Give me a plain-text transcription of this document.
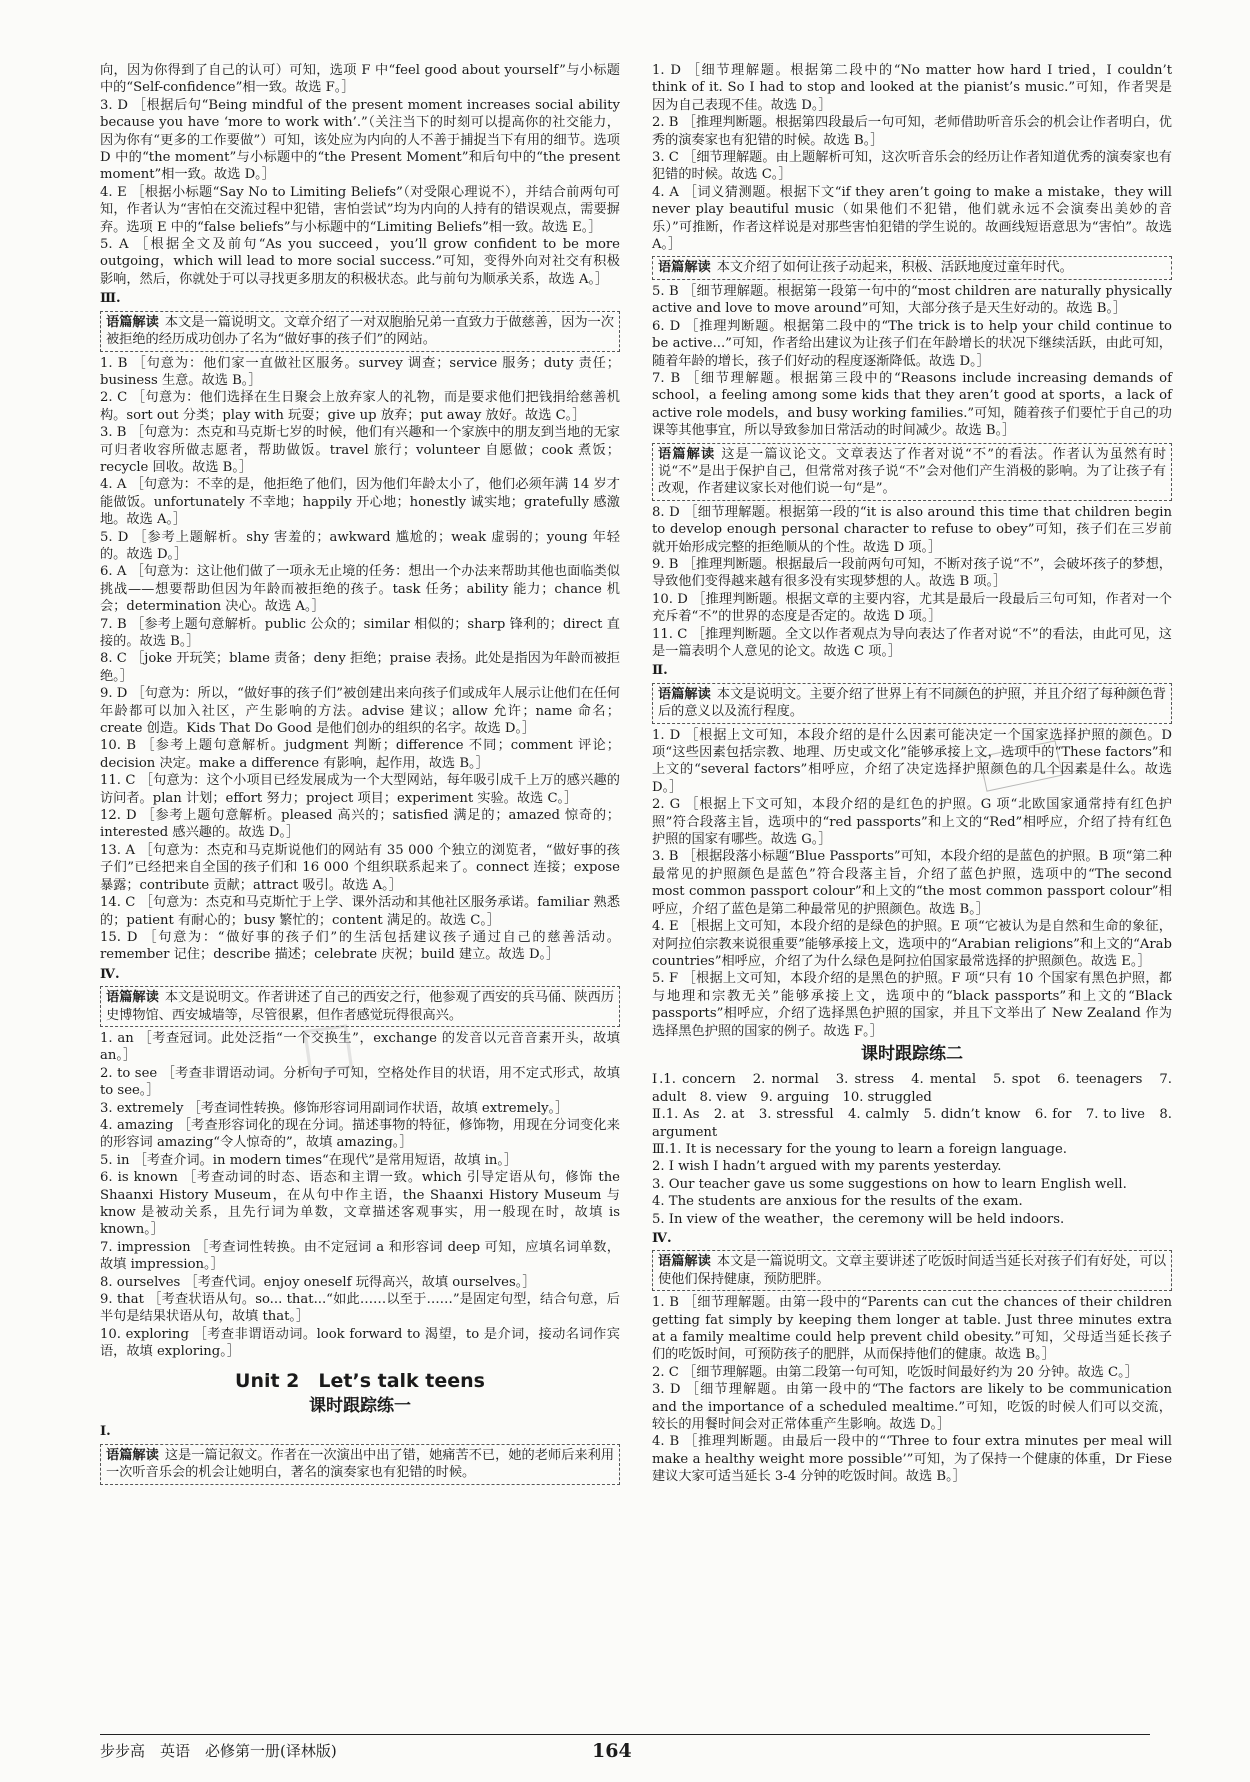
向，因为你得到了自己的认可）可知，选项 F 中“feel good about yourself”与小标题中的“Self-confidence”相一致。故选 F。］
3. D ［根据后句“Being mindful of the present moment increases social ability because you have ‘more to work with’.”（关注当下的时刻可以提高你的社交能力，因为你有“更多的工作要做”）可知，该处应为内向的人不善于捕捉当下有用的细节。选项 D 中的“the moment”与小标题中的“the Present Moment”和后句中的“the present moment”相一致。故选 D。］
4. E ［根据小标题“Say No to Limiting Beliefs”（对受限心理说不），并结合前两句可知，作者认为“害怕在交流过程中犯错，害怕尝试”均为内向的人持有的错误观点，需要摒弃。选项 E 中的“false beliefs”与小标题中的“Limiting Beliefs”相一致。故选 E。］
5. A ［根据全文及前句“As you succeed，you’ll grow confident to be more outgoing，which will lead to more social success.”可知，变得外向对社交有积极影响，然后，你就处于可以寻找更多朋友的积极状态。此与前句为顺承关系，故选 A。］
Ⅲ.
语篇解读 本文是一篇说明文。文章介绍了一对双胞胎兄弟一直致力于做慈善，因为一次被拒绝的经历成功创办了名为“做好事的孩子们”的网站。
1. B ［句意为：他们家一直做社区服务。survey 调查；service 服务；duty 责任；business 生意。故选 B。］
2. C ［句意为：他们选择在生日聚会上放弃家人的礼物，而是要求他们把钱捐给慈善机构。sort out 分类；play with 玩耍；give up 放弃；put away 放好。故选 C。］
3. B ［句意为：杰克和马克斯七岁的时候，他们有兴趣和一个家族中的朋友到当地的无家可归者收容所做志愿者，帮助做饭。travel 旅行；volunteer 自愿做；cook 煮饭；recycle 回收。故选 B。］
4. A ［句意为：不幸的是，他拒绝了他们，因为他们年龄太小了，他们必须年满 14 岁才能做饭。unfortunately 不幸地；happily 开心地；honestly 诚实地；gratefully 感激地。故选 A。］
5. D ［参考上题解析。shy 害羞的；awkward 尴尬的；weak 虚弱的；young 年轻的。故选 D。］
6. A ［句意为：这让他们做了一项永无止境的任务：想出一个办法来帮助其他也面临类似挑战——想要帮助但因为年龄而被拒绝的孩子。task 任务；ability 能力；chance 机会；determination 决心。故选 A。］
7. B ［参考上题句意解析。public 公众的；similar 相似的；sharp 锋利的；direct 直接的。故选 B。］
8. C ［joke 开玩笑；blame 责备；deny 拒绝；praise 表扬。此处是指因为年龄而被拒绝。］
9. D ［句意为：所以，“做好事的孩子们”被创建出来向孩子们或成年人展示让他们在任何年龄都可以加入社区，产生影响的方法。advise 建议；allow 允许；name 命名；create 创造。Kids That Do Good 是他们创办的组织的名字。故选 D。］
10. B ［参考上题句意解析。judgment 判断；difference 不同；comment 评论；decision 决定。make a difference 有影响，起作用，故选 B。］
11. C ［句意为：这个小项目已经发展成为一个大型网站，每年吸引成千上万的感兴趣的访问者。plan 计划；effort 努力；project 项目；experiment 实验。故选 C。］
12. D ［参考上题句意解析。pleased 高兴的；satisfied 满足的；amazed 惊奇的；interested 感兴趣的。故选 D。］
13. A ［句意为：杰克和马克斯说他们的网站有 35 000 个独立的浏览者，“做好事的孩子们”已经把来自全国的孩子们和 16 000 个组织联系起来了。connect 连接；expose 暴露；contribute 贡献；attract 吸引。故选 A。］
14. C ［句意为：杰克和马克斯忙于上学、课外活动和其他社区服务承诺。familiar 熟悉的；patient 有耐心的；busy 繁忙的；content 满足的。故选 C。］
15. D ［句意为：“做好事的孩子们”的生活包括建议孩子通过自己的慈善活动。remember 记住；describe 描述；celebrate 庆祝；build 建立。故选 D。］
Ⅳ.
语篇解读 本文是说明文。作者讲述了自己的西安之行，他参观了西安的兵马俑、陕西历史博物馆、西安城墙等，尽管很累，但作者感觉玩得很高兴。
1. an ［考查冠词。此处泛指“一个交换生”，exchange 的发音以元音音素开头，故填 an。］
2. to see ［考查非谓语动词。分析句子可知，空格处作目的状语，用不定式形式，故填 to see。］
3. extremely ［考查词性转换。修饰形容词用副词作状语，故填 extremely。］
4. amazing ［考查形容词化的现在分词。描述事物的特征，修饰物，用现在分词变化来的形容词 amazing“令人惊奇的”，故填 amazing。］
5. in ［考查介词。in modern times“在现代”是常用短语，故填 in。］
6. is known ［考查动词的时态、语态和主谓一致。which 引导定语从句，修饰 the Shaanxi History Museum，在从句中作主语，the Shaanxi History Museum 与 know 是被动关系，且先行词为单数，文章描述客观事实，用一般现在时，故填 is known。］
7. impression ［考查词性转换。由不定冠词 a 和形容词 deep 可知，应填名词单数，故填 impression。］
8. ourselves ［考查代词。enjoy oneself 玩得高兴，故填 ourselves。］
9. that ［考查状语从句。so... that...“如此……以至于……”是固定句型，结合句意，后半句是结果状语从句，故填 that。］
10. exploring ［考查非谓语动词。look forward to 渴望，to 是介词，接动名词作宾语，故填 exploring。］
Unit 2　Let’s talk teens
课时跟踪练一
Ⅰ.
语篇解读 这是一篇记叙文。作者在一次演出中出了错，她痛苦不已，她的老师后来利用一次听音乐会的机会让她明白，著名的演奏家也有犯错的时候。
1. D ［细节理解题。根据第二段中的“No matter how hard I tried，I couldn’t think of it. So I had to stop and looked at the pianist’s music.”可知，作者哭是因为自己表现不佳。故选 D。］
2. B ［推理判断题。根据第四段最后一句可知，老师借助听音乐会的机会让作者明白，优秀的演奏家也有犯错的时候。故选 B。］
3. C ［细节理解题。由上题解析可知，这次听音乐会的经历让作者知道优秀的演奏家也有犯错的时候。故选 C。］
4. A ［词义猜测题。根据下文“if they aren’t going to make a mistake，they will never play beautiful music（如果他们不犯错，他们就永远不会演奏出美妙的音乐）”可推断，作者这样说是对那些害怕犯错的学生说的。故画线短语意思为“害怕”。故选 A。］
语篇解读 本文介绍了如何让孩子动起来，积极、活跃地度过童年时代。
5. B ［细节理解题。根据第一段第一句中的“most children are naturally physically active and love to move around”可知，大部分孩子是天生好动的。故选 B。］
6. D ［推理判断题。根据第二段中的“The trick is to help your child continue to be active...”可知，作者给出建议为让孩子们在年龄增长的状况下继续活跃，由此可知，随着年龄的增长，孩子们好动的程度逐渐降低。故选 D。］
7. B ［细节理解题。根据第三段中的“Reasons include increasing demands of school，a feeling among some kids that they aren’t good at sports，a lack of active role models，and busy working families.”可知，随着孩子们要忙于自己的功课等其他事宜，所以导致参加日常活动的时间减少。故选 B。］
语篇解读 这是一篇议论文。文章表达了作者对说“不”的看法。作者认为虽然有时说“不”是出于保护自己，但常常对孩子说“不”会对他们产生消极的影响。为了让孩子有改观，作者建议家长对他们说一句“是”。
8. D ［细节理解题。根据第一段的“it is also around this time that children begin to develop enough personal character to refuse to obey”可知，孩子们在三岁前就开始形成完整的拒绝顺从的个性。故选 D 项。］
9. B ［推理判断题。根据最后一段前两句可知，不断对孩子说“不”，会破坏孩子的梦想，导致他们变得越来越有很多没有实现梦想的人。故选 B 项。］
10. D ［推理判断题。根据文章的主要内容，尤其是最后一段最后三句可知，作者对一个充斥着“不”的世界的态度是否定的。故选 D 项。］
11. C ［推理判断题。全文以作者观点为导向表达了作者对说“不”的看法，由此可见，这是一篇表明个人意见的论文。故选 C 项。］
Ⅱ.
语篇解读 本文是说明文。主要介绍了世界上有不同颜色的护照，并且介绍了每种颜色背后的意义以及流行程度。
1. D ［根据上文可知，本段介绍的是什么因素可能决定一个国家选择护照的颜色。D 项“这些因素包括宗教、地理、历史或文化”能够承接上文，选项中的“These factors”和上文的“several factors”相呼应，介绍了决定选择护照颜色的几个因素是什么。故选 D。］
2. G ［根据上下文可知，本段介绍的是红色的护照。G 项“北欧国家通常持有红色护照”符合段落主旨，选项中的“red passports”和上文的“Red”相呼应，介绍了持有红色护照的国家有哪些。故选 G。］
3. B ［根据段落小标题“Blue Passports”可知，本段介绍的是蓝色的护照。B 项“第二种最常见的护照颜色是蓝色”符合段落主旨，介绍了蓝色护照，选项中的“The second most common passport colour”和上文的“the most common passport colour”相呼应，介绍了蓝色是第二种最常见的护照颜色。故选 B。］
4. E ［根据上文可知，本段介绍的是绿色的护照。E 项“它被认为是自然和生命的象征，对阿拉伯宗教来说很重要”能够承接上文，选项中的“Arabian religions”和上文的“Arab countries”相呼应，介绍了为什么绿色是阿拉伯国家最常选择的护照颜色。故选 E。］
5. F ［根据上文可知，本段介绍的是黑色的护照。F 项“只有 10 个国家有黑色护照，都与地理和宗教无关”能够承接上文，选项中的“black passports”和上文的“Black passports”相呼应，介绍了选择黑色护照的国家，并且下文举出了 New Zealand 作为选择黑色护照的国家的例子。故选 F。］
课时跟踪练二
Ⅰ.1. concern　2. normal　3. stress　4. mental　5. spot　6. teenagers　7. adult　8. view　9. arguing　10. struggled
Ⅱ.1. As　2. at　3. stressful　4. calmly　5. didn’t know　6. for　7. to live　8. argument
Ⅲ.1. It is necessary for the young to learn a foreign language.
2. I wish I hadn’t argued with my parents yesterday.
3. Our teacher gave us some suggestions on how to learn English well.
4. The students are anxious for the results of the exam.
5. In view of the weather，the ceremony will be held indoors.
Ⅳ.
语篇解读 本文是一篇说明文。文章主要讲述了吃饭时间适当延长对孩子们有好处，可以使他们保持健康，预防肥胖。
1. B ［细节理解题。由第一段中的“Parents can cut the chances of their children getting fat simply by keeping them longer at table. Just three minutes extra at a family mealtime could help prevent child obesity.”可知，父母适当延长孩子们的吃饭时间，可预防孩子的肥胖，从而保持他们的健康。故选 B。］
2. C ［细节理解题。由第二段第一句可知，吃饭时间最好约为 20 分钟。故选 C。］
3. D ［细节理解题。由第一段中的“The factors are likely to be communication and the importance of a scheduled mealtime.”可知，吃饭的时候人们可以交流，较长的用餐时间会对正常体重产生影响。故选 D。］
4. B ［推理判断题。由最后一段中的“‘Three to four extra minutes per meal will make a healthy weight more possible’”可知，为了保持一个健康的体重，Dr Fiese 建议大家可适当延长 3-4 分钟的吃饭时间。故选 B。］
□
步步高　英语　必修第一册(译林版)	164
